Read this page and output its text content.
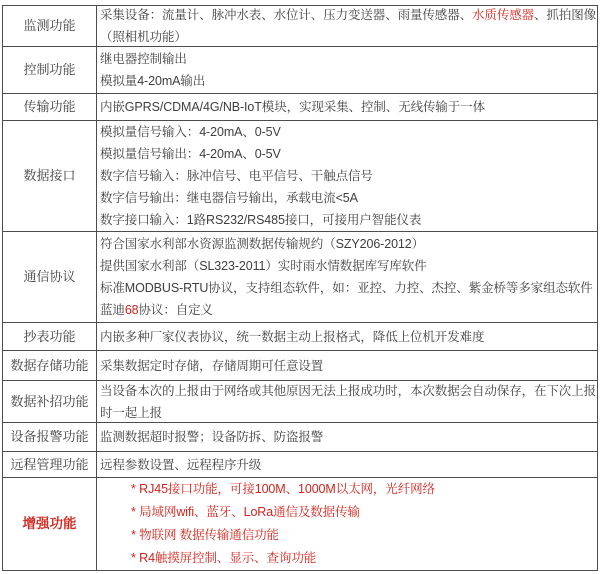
监测功能
采集设备：流量计、脉冲水表、水位计、压力变送器、雨量传感器、水质传感器、抓拍图像
（照相机功能）
控制功能
继电器控制输出
模拟量4-20mA输出
传输功能	内嵌GPRS/CDMA/4G/NB-IoT模块，实现采集、控制、无线传输于一体
数据接口
模拟量信号输入：4-20mA、0-5V
模拟量信号输出：4-20mA、0-5V
数字信号输入：脉冲信号、电平信号、干触点信号
数字信号输出：继电器信号输出，承载电流<5A
数字接口输入：1路RS232/RS485接口，可接用户智能仪表
通信协议
符合国家水利部水资源监测数据传输规约（SZY206-2012）
提供国家水利部（SL323-2011）实时雨水情数据库写库软件
标准MODBUS-RTU协议，支持组态软件，如：亚控、力控、杰控、紫金桥等多家组态软件
蓝迪68协议：自定义
抄表功能	内嵌多种厂家仪表协议，统一数据主动上报格式，降低上位机开发难度
数据存储功能 采集数据定时存储，存储周期可任意设置
数据补招功能
当设备本次的上报由于网络或其他原因无法上报成功时，本次数据会自动保存，在下次上报
时一起上报
设备报警功能 监测数据超时报警；设备防拆、防盗报警
远程管理功能 远程参数设置、远程程序升级
增强功能
* RJ45接口功能，可接100M、1000M以太网，光纤网络
* 局域网wifi、蓝牙、LoRa通信及数据传输
* 物联网 数据传输通信功能
* R4触摸屏控制、显示、查询功能
